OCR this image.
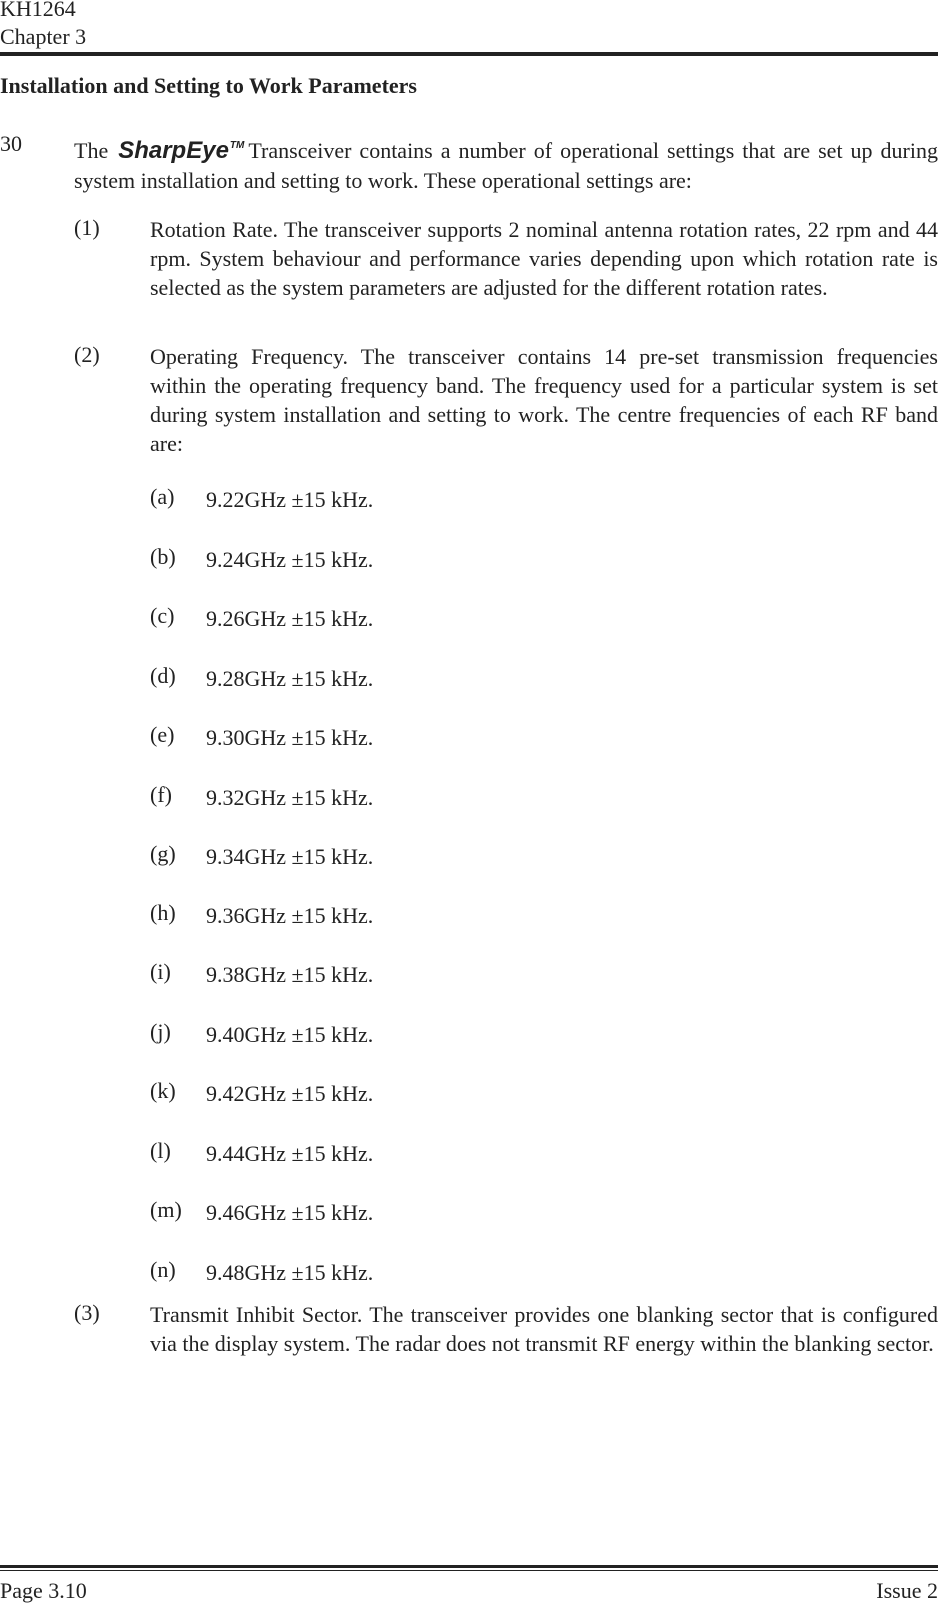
KH1264
Chapter 3
Installation and Setting to Work Parameters
30 The SharpEye™ Transceiver contains a number of operational settings that are set up during system installation and setting to work. These operational settings are:
(1) Rotation Rate. The transceiver supports 2 nominal antenna rotation rates, 22 rpm and 44 rpm. System behaviour and performance varies depending upon which rotation rate is selected as the system parameters are adjusted for the different rotation rates.
(2) Operating Frequency. The transceiver contains 14 pre-set transmission frequencies within the operating frequency band. The frequency used for a particular system is set during system installation and setting to work. The centre frequencies of each RF band are:
(a) 9.22GHz ±15 kHz.
(b) 9.24GHz ±15 kHz.
(c) 9.26GHz ±15 kHz.
(d) 9.28GHz ±15 kHz.
(e) 9.30GHz ±15 kHz.
(f) 9.32GHz ±15 kHz.
(g) 9.34GHz ±15 kHz.
(h) 9.36GHz ±15 kHz.
(i) 9.38GHz ±15 kHz.
(j) 9.40GHz ±15 kHz.
(k) 9.42GHz ±15 kHz.
(l) 9.44GHz ±15 kHz.
(m) 9.46GHz ±15 kHz.
(n) 9.48GHz ±15 kHz.
(3) Transmit Inhibit Sector. The transceiver provides one blanking sector that is configured via the display system. The radar does not transmit RF energy within the blanking sector.
Page 3.10	Issue 2
